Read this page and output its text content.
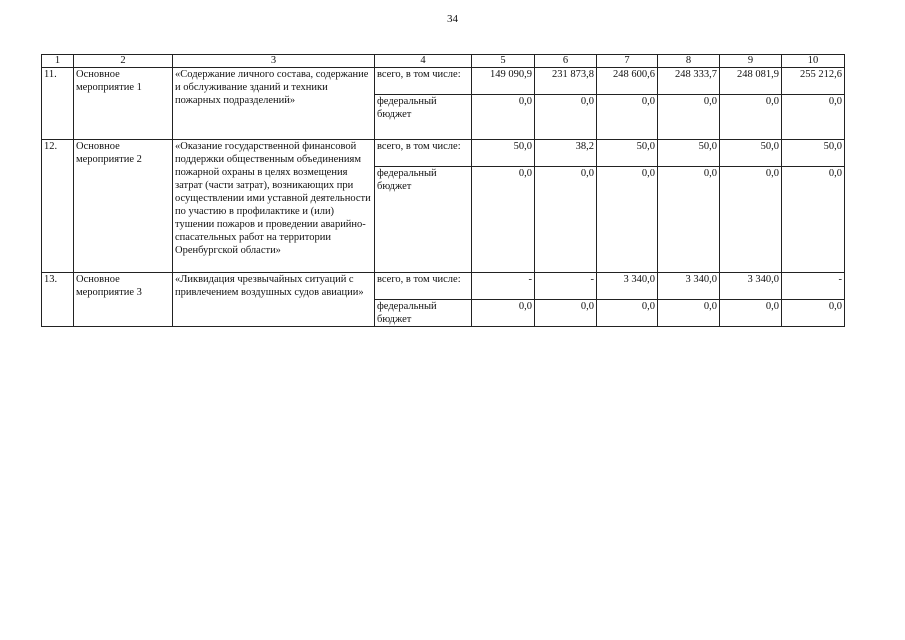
34
1	2	3	4	5	6	7	8	9	10
11.	Основное мероприятие 1	«Содержание личного состава, содержание и обслуживание зданий и техники пожарных подразделений»	всего, в том числе:	149 090,9	231 873,8	248 600,6	248 333,7	248 081,9	255 212,6
			федеральный бюджет	0,0	0,0	0,0	0,0	0,0	0,0
12.	Основное мероприятие 2	«Оказание государственной финансовой поддержки общественным объединениям пожарной охраны в целях возмещения затрат (части затрат), возникающих при осуществлении ими уставной деятельности по участию в профилактике и (или) тушении пожаров и проведении аварийно-спасательных работ на территории Оренбургской области»	всего, в том числе:	50,0	38,2	50,0	50,0	50,0	50,0
			федеральный бюджет	0,0	0,0	0,0	0,0	0,0	0,0
13.	Основное мероприятие 3	«Ликвидация чрезвычайных ситуаций с привлечением воздушных судов авиации»	всего, в том числе:	-	-	3 340,0	3 340,0	3 340,0	-
			федеральный бюджет	0,0	0,0	0,0	0,0	0,0	0,0
